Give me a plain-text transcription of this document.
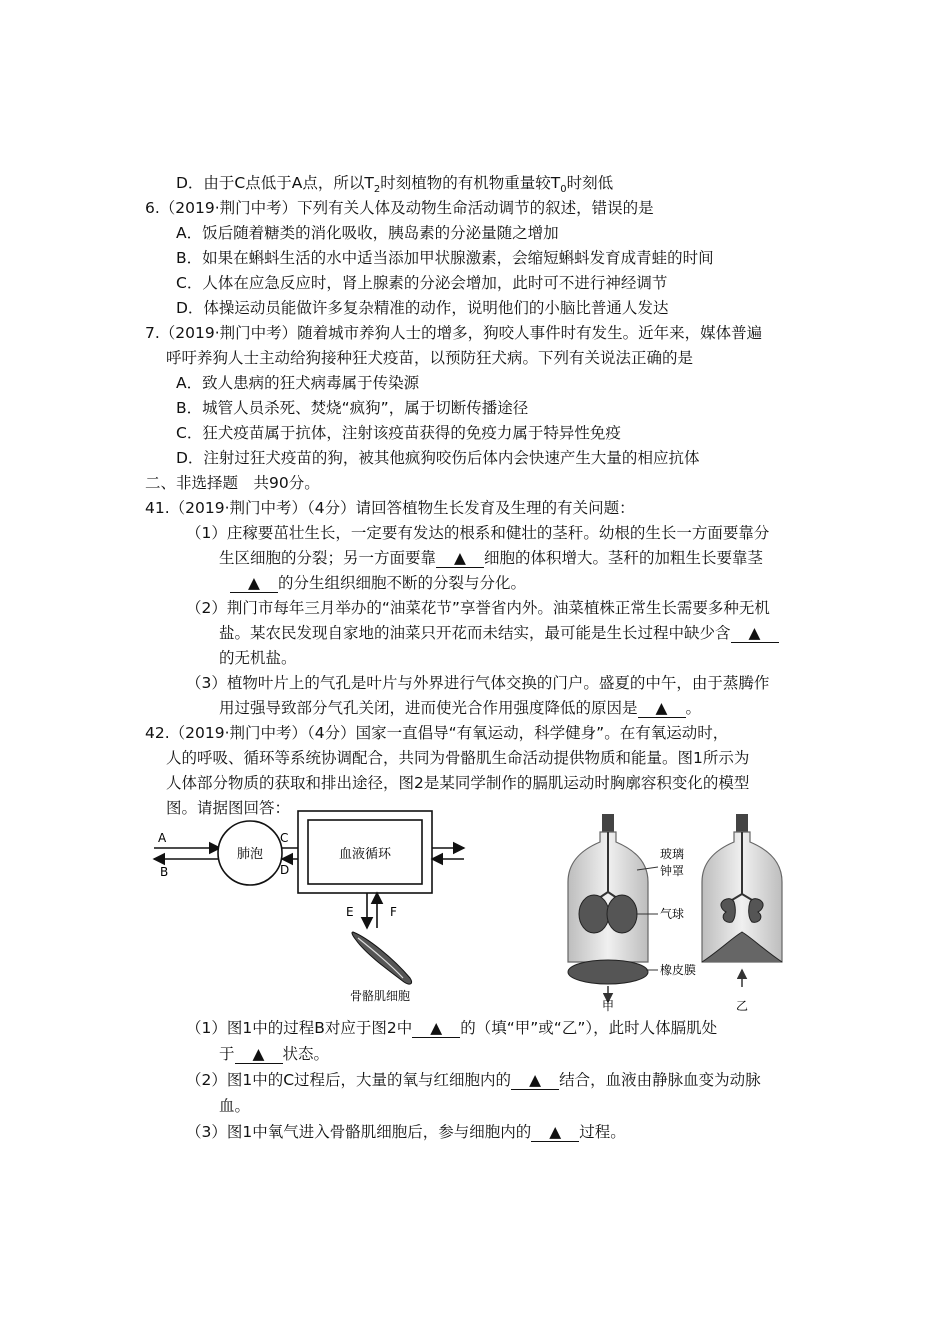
D．由于C点低于A点，所以$T_2$时刻植物的有机物重量较$T_0$时刻低
6.（2019·荆门中考）下列有关人体及动物生命活动调节的叙述，错误的是
A．饭后随着糖类的消化吸收，胰岛素的分泌量随之增加
B．如果在蝌蚪生活的水中适当添加甲状腺激素，会缩短蝌蚪发育成青蛙的时间
C．人体在应急反应时，肾上腺素的分泌会增加，此时可不进行神经调节
D．体操运动员能做许多复杂精准的动作，说明他们的小脑比普通人发达
7.（2019·荆门中考）随着城市养狗人士的增多，狗咬人事件时有发生。近年来，媒体普遍
呼吁养狗人士主动给狗接种狂犬疫苗，以预防狂犬病。下列有关说法正确的是
A．致人患病的狂犬病毒属于传染源
B．城管人员杀死、焚烧“疯狗”，属于切断传播途径
C．狂犬疫苗属于抗体，注射该疫苗获得的免疫力属于特异性免疫
D．注射过狂犬疫苗的狗，被其他疯狗咬伤后体内会快速产生大量的相应抗体
二、非选择题　共90分。
41.（2019·荆门中考）（4分）请回答植物生长发育及生理的有关问题：
（1）庄稼要茁壮生长，一定要有发达的根系和健壮的茎秆。幼根的生长一方面要靠分
生区细胞的分裂；另一方面要靠 ▲ 细胞的体积增大。茎秆的加粗生长要靠茎
▲ 的分生组织细胞不断的分裂与分化。
（2）荆门市每年三月举办的“油菜花节”享誉省内外。油菜植株正常生长需要多种无机
盐。某农民发现自家地的油菜只开花而未结实，最可能是生长过程中缺少含 ▲
的无机盐。
（3）植物叶片上的气孔是叶片与外界进行气体交换的门户。盛夏的中午，由于蒸腾作
用过强导致部分气孔关闭，进而使光合作用强度降低的原因是 ▲ 。
42.（2019·荆门中考）（4分）国家一直倡导“有氧运动，科学健身”。在有氧运动时，
人的呼吸、循环等系统协调配合，共同为骨骼肌生命活动提供物质和能量。图1所示为
人体部分物质的获取和排出途径，图2是某同学制作的膈肌运动时胸廓容积变化的模型
图。请据图回答：
A
B
肺泡
C
D
血液循环
E	F
骨骼肌细胞
玻璃
钟罩
气球
橡皮膜
甲	乙
（1）图1中的过程B对应于图2中 ▲ 的（填“甲”或“乙”），此时人体膈肌处
于 ▲ 状态。
（2）图1中的C过程后，大量的氧与红细胞内的 ▲ 结合，血液由静脉血变为动脉
血。
（3）图1中氧气进入骨骼肌细胞后，参与细胞内的 ▲ 过程。
